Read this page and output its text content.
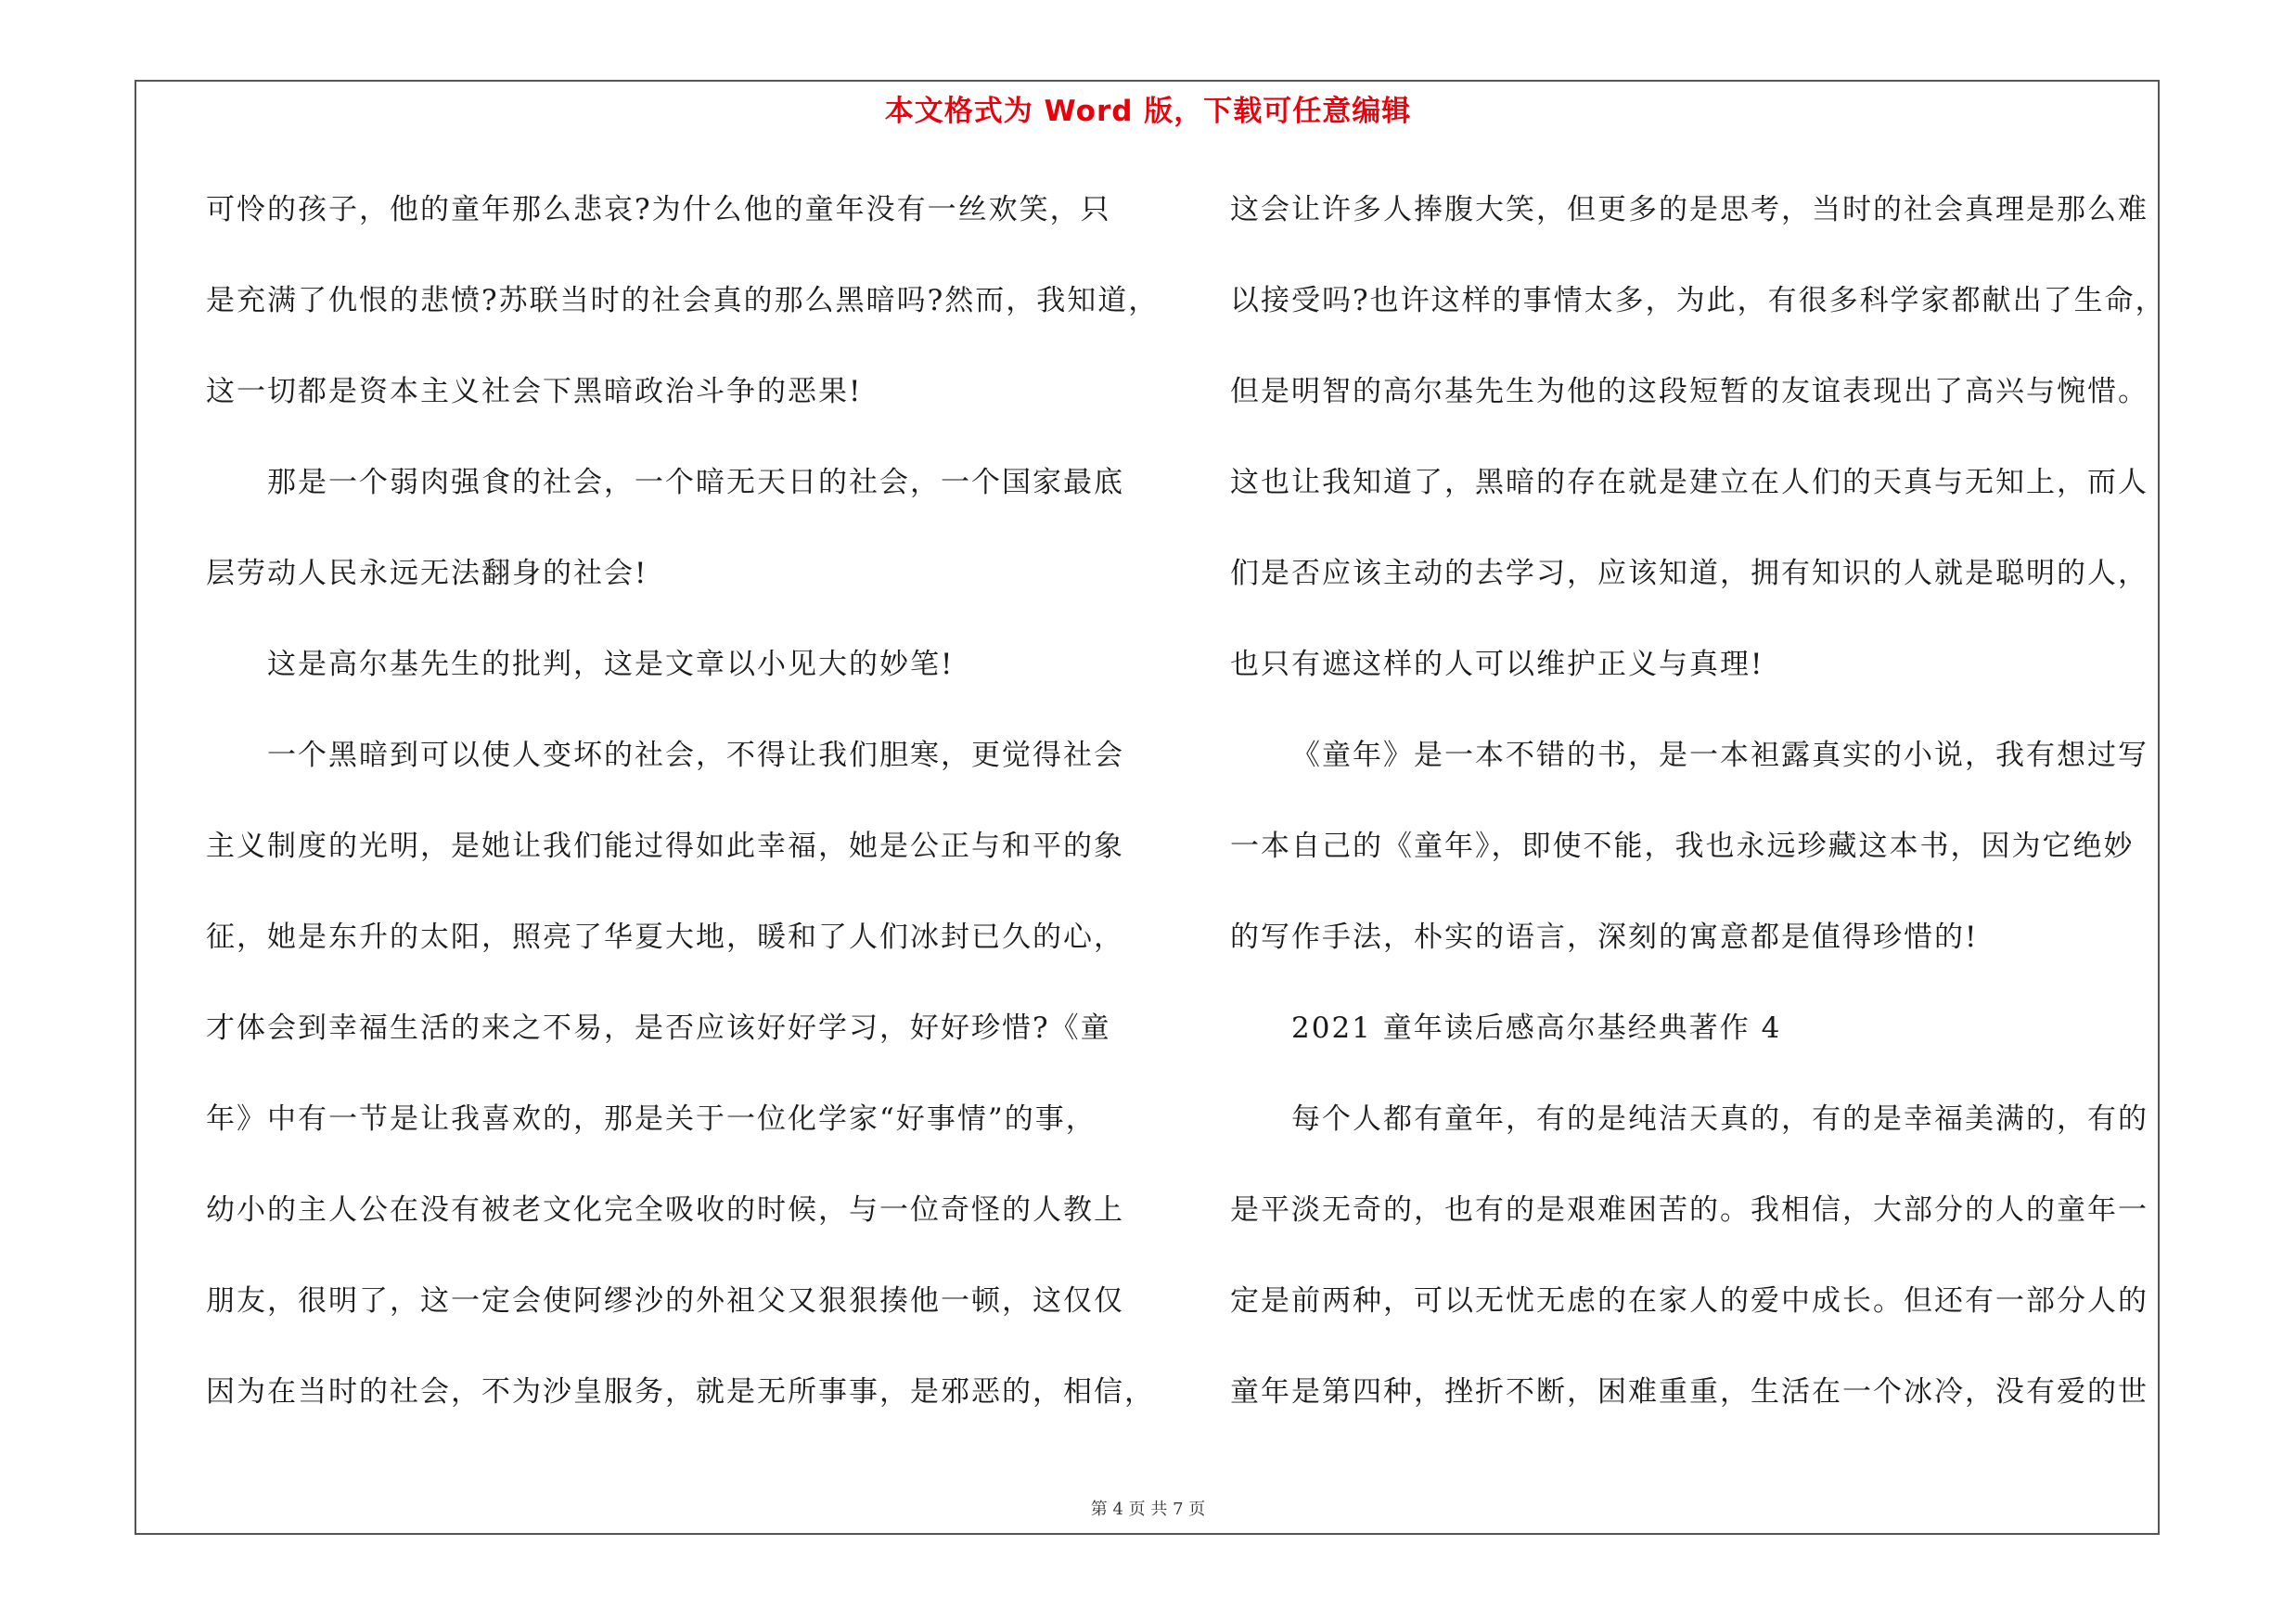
本文格式为 Word 版，下载可任意编辑
可怜的孩子，他的童年那么悲哀?为什么他的童年没有一丝欢笑，只
是充满了仇恨的悲愤?苏联当时的社会真的那么黑暗吗?然而，我知道，
这一切都是资本主义社会下黑暗政治斗争的恶果!
那是一个弱肉强食的社会，一个暗无天日的社会，一个国家最底
层劳动人民永远无法翻身的社会!
这是高尔基先生的批判，这是文章以小见大的妙笔!
一个黑暗到可以使人变坏的社会，不得让我们胆寒，更觉得社会
主义制度的光明，是她让我们能过得如此幸福，她是公正与和平的象
征，她是东升的太阳，照亮了华夏大地，暖和了人们冰封已久的心，
才体会到幸福生活的来之不易，是否应该好好学习，好好珍惜?《童
年》中有一节是让我喜欢的，那是关于一位化学家“好事情”的事，
幼小的主人公在没有被老文化完全吸收的时候，与一位奇怪的人教上
朋友，很明了，这一定会使阿缪沙的外祖父又狠狠揍他一顿，这仅仅
因为在当时的社会，不为沙皇服务，就是无所事事，是邪恶的，相信，
这会让许多人捧腹大笑，但更多的是思考，当时的社会真理是那么难
以接受吗?也许这样的事情太多，为此，有很多科学家都献出了生命，
但是明智的高尔基先生为他的这段短暂的友谊表现出了高兴与惋惜。
这也让我知道了，黑暗的存在就是建立在人们的天真与无知上，而人
们是否应该主动的去学习，应该知道，拥有知识的人就是聪明的人，
也只有遮这样的人可以维护正义与真理!
《童年》是一本不错的书，是一本袒露真实的小说，我有想过写
一本自己的《童年》，即使不能，我也永远珍藏这本书，因为它绝妙
的写作手法，朴实的语言，深刻的寓意都是值得珍惜的!
2021 童年读后感高尔基经典著作 4
每个人都有童年，有的是纯洁天真的，有的是幸福美满的，有的
是平淡无奇的，也有的是艰难困苦的。我相信，大部分的人的童年一
定是前两种，可以无忧无虑的在家人的爱中成长。但还有一部分人的
童年是第四种，挫折不断，困难重重，生活在一个冰冷，没有爱的世
第 4 页 共 7 页
